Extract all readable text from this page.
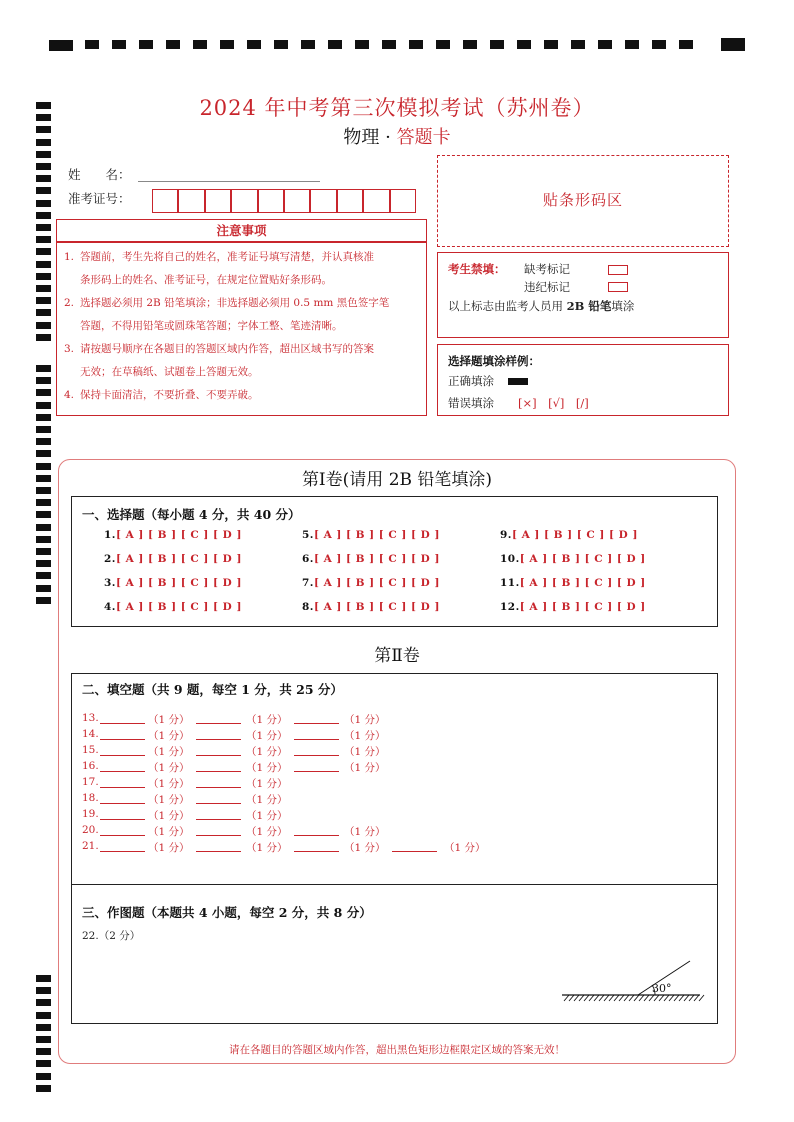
2024 年中考第三次模拟考试（苏州卷）
物理 · 答题卡
姓　　名：
准考证号：	贴条形码区
注意事项
1. 答题前，考生先将自己的姓名，准考证号填写清楚，并认真核准
条形码上的姓名、准考证号，在规定位置贴好条形码。
2. 选择题必须用 2B 铅笔填涂；非选择题必须用 0.5 mm 黑色签字笔
答题，不得用铅笔或圆珠笔答题；字体工整、笔迹清晰。
3. 请按题号顺序在各题目的答题区域内作答，超出区域书写的答案
无效；在草稿纸、试题卷上答题无效。
4. 保持卡面清洁，不要折叠、不要弄破。
考生禁填： 缺考标记
违纪标记
以上标志由监考人员用 2B 铅笔填涂
选择题填涂样例：
正确填涂
错误填涂 [×]　[√]　[/]
第Ⅰ卷(请用 2B 铅笔填涂)
一、选择题（每小题 4 分，共 40 分）
1.[ A ] [ B ] [ C ] [ D ]
2.[ A ] [ B ] [ C ] [ D ]
3.[ A ] [ B ] [ C ] [ D ]
4.[ A ] [ B ] [ C ] [ D ]
5.[ A ] [ B ] [ C ] [ D ]
6.[ A ] [ B ] [ C ] [ D ]
7.[ A ] [ B ] [ C ] [ D ]
8.[ A ] [ B ] [ C ] [ D ]
9.[ A ] [ B ] [ C ] [ D ]
10.[ A ] [ B ] [ C ] [ D ]
11.[ A ] [ B ] [ C ] [ D ]
12.[ A ] [ B ] [ C ] [ D ]
第Ⅱ卷
二、填空题（共 9 题，每空 1 分，共 25 分）
13.	（1 分）	（1 分）	（1 分）
14.	（1 分）	（1 分）	（1 分）
15.	（1 分）	（1 分）	（1 分）
16.	（1 分）	（1 分）	（1 分）
17.	（1 分）	（1 分）
18.	（1 分）	（1 分）
19.	（1 分）	（1 分）
20.	（1 分）	（1 分）	（1 分）
21.	（1 分）	（1 分）	（1 分）	（1 分）
三、作图题（本题共 4 小题，每空 2 分，共 8 分）
22.（2 分）
30°
请在各题目的答题区域内作答，超出黑色矩形边框限定区域的答案无效！
